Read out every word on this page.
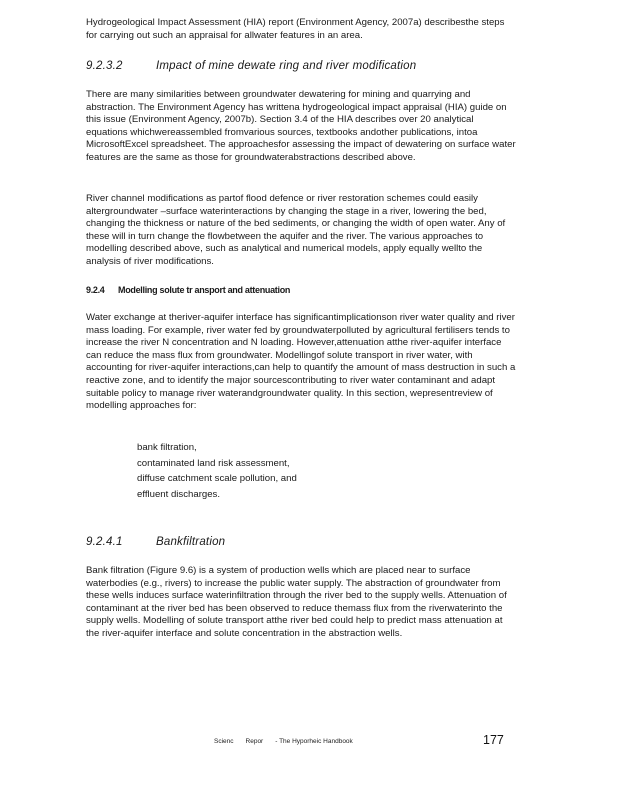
Hydrogeological Impact Assessment (HIA) report (Environment Agency, 2007a) describesthe steps for carrying out such an appraisal for allwater features in an area.

9.2.3.2	Impact of mine dewate ring and river modification

There are many similarities between groundwater dewatering for mining and quarrying and abstraction. The Environment Agency has writtena hydrogeological impact appraisal (HIA) guide on this issue (Environment Agency, 2007b). Section 3.4 of the HIA describes over 20 analytical equations whichwereassembled fromvarious sources, textbooks andother publications, intoa MicrosoftExcel spreadsheet. The approachesfor assessing the impact of dewatering on surface water features are the same as those for groundwaterabstractions described above.

River channel modifications as partof flood defence or river restoration schemes could easily altergroundwater –surface waterinteractions by changing the stage in a river, lowering the bed, changing the thickness or nature of the bed sediments, or changing the width of open water. Any of these will in turn change the flowbetween the aquifer and the river. The various approaches to modelling described above, such as analytical and numerical models, apply equally wellto the analysis of river modifications.

9.2.4 Modelling solute tr ansport and attenuation

Water exchange at theriver-aquifer interface has significantimplicationson river water quality and river mass loading. For example, river water fed by groundwaterpolluted by agricultural fertilisers tends to increase the river N concentration and N loading. However,attenuation atthe river-aquifer interface can reduce the mass flux from groundwater. Modellingof solute transport in river water, with accounting for river-aquifer interactions,can help to quantify the amount of mass destruction in such a reactive zone, and to identify the major sourcescontributing to river water contaminant and adapt suitable policy to manage river waterandgroundwater quality. In this section, wepresentreview of modelling approaches for:

bank filtration,
contaminated land risk assessment,
diffuse catchment scale pollution, and
effluent discharges.
9.2.4.1	Bankfiltration

Bank filtration (Figure 9.6) is a system of production wells which are placed near to surface waterbodies (e.g., rivers) to increase the public water supply. The abstraction of groundwater from these wells induces surface waterinfiltration through the river bed to the supply wells. Attenuation of contaminant at the river bed has been observed to reduce themass flux from the riverwaterinto the supply wells. Modelling of solute transport atthe river bed could help to predict mass attenuation at the river-aquifer interface and solute concentration in the abstraction wells.

Scienc Repor - The Hyporheic Handbook	177
